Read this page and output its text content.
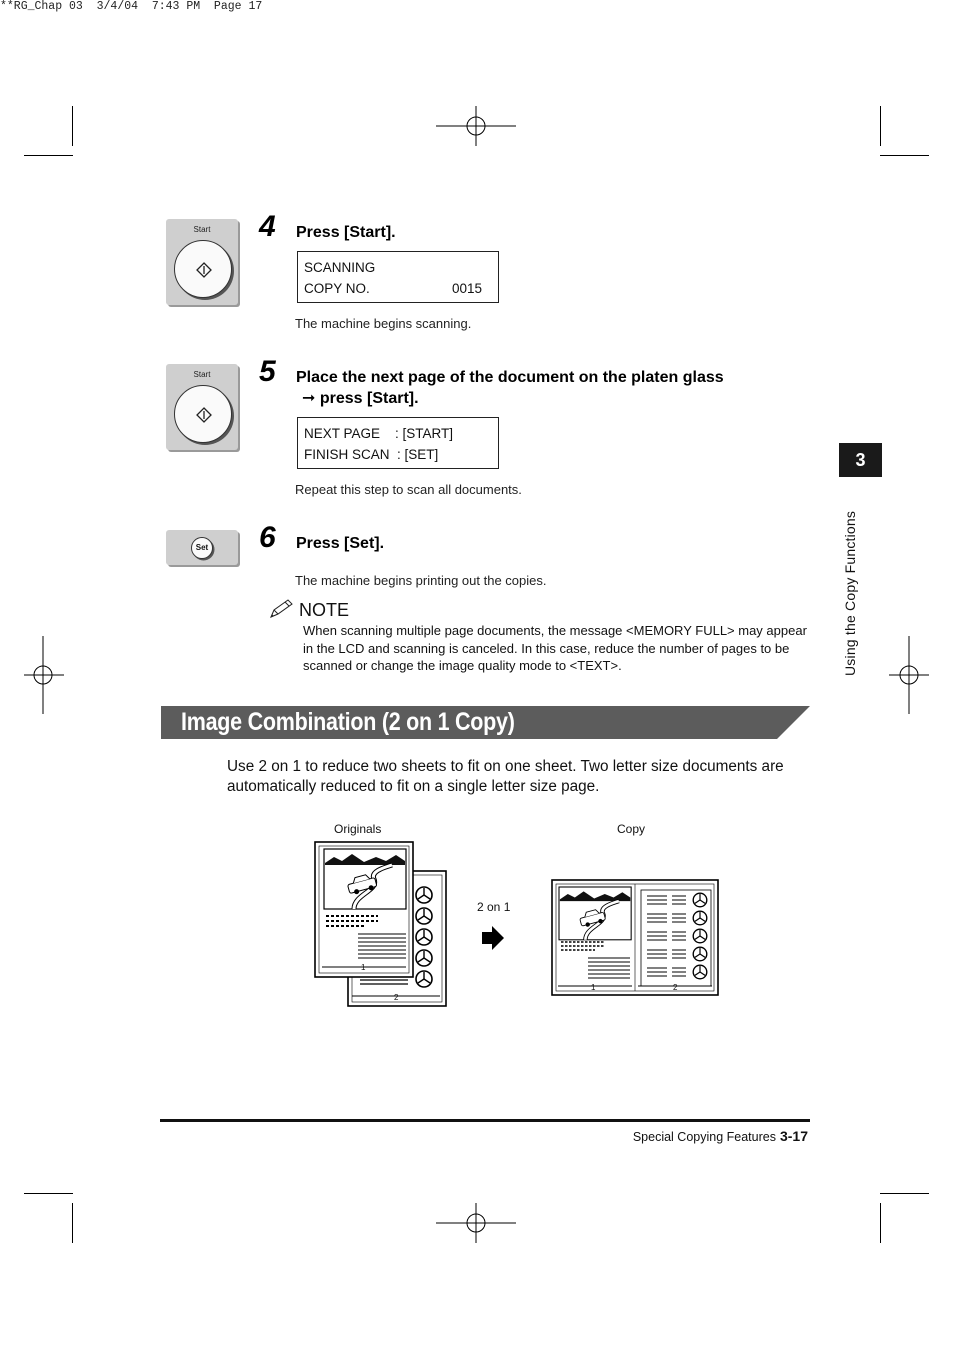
**RG_Chap 03  3/4/04  7:43 PM  Page 17
Start	4 Press [Start].
SCANNING
COPY NO.	0015
The machine begins scanning.
Start	5 Place the next page of the document on the platen glass
➞ press [Start].
NEXT PAGE    : [START]
FINISH SCAN  : [SET]
Repeat this step to scan all documents.
Set 6 Press [Set].
The machine begins printing out the copies.
NOTE
When scanning multiple page documents, the message <MEMORY FULL> may appear in the LCD and scanning is canceled. In this case, reduce the number of pages to be scanned or change the image quality mode to <TEXT>.
Image Combination (2 on 1 Copy)
Use 2 on 1 to reduce two sheets to fit on one sheet. Two letter size documents are automatically reduced to fit on a single letter size page.
Originals	Copy
2 on 1
1
2
1	2
3
Using the Copy Functions
Special Copying Features 3-17
